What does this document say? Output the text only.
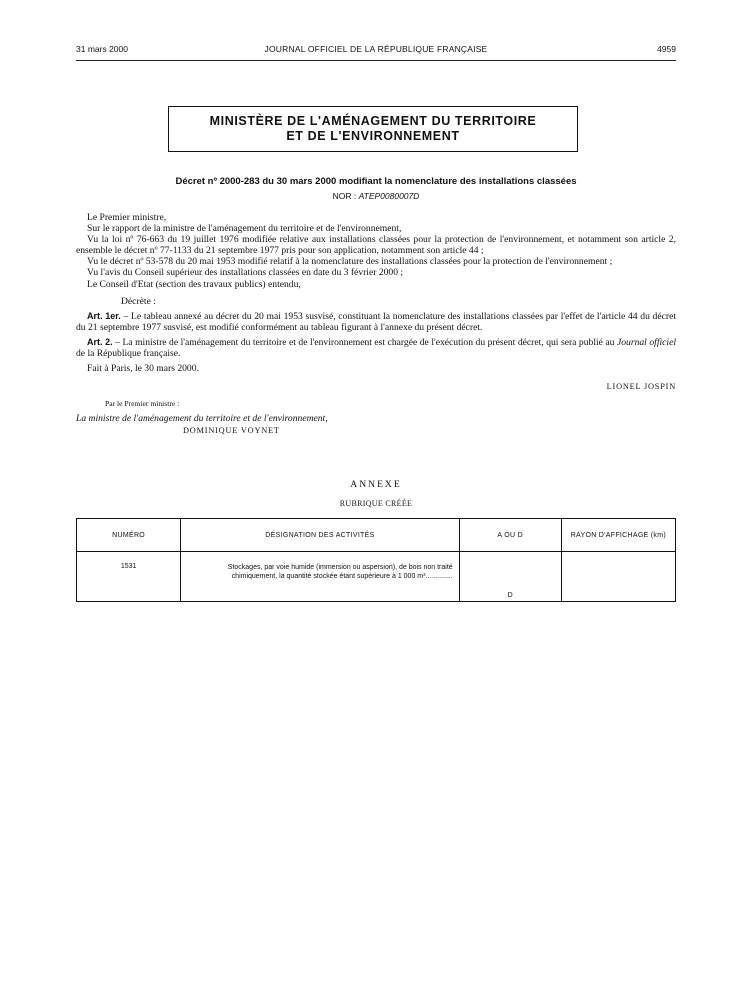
31 mars 2000	JOURNAL OFFICIEL DE LA RÉPUBLIQUE FRANÇAISE	4959
MINISTÈRE DE L'AMÉNAGEMENT DU TERRITOIRE
ET DE L'ENVIRONNEMENT
Décret nº 2000-283 du 30 mars 2000 modifiant la nomenclature des installations classées
NOR : ATEP0080007D

Le Premier ministre,

Sur le rapport de la ministre de l'aménagement du territoire et de l'environnement,

Vu la loi nº 76-663 du 19 juillet 1976 modifiée relative aux installations classées pour la protection de l'environnement, et notamment son article 2, ensemble le décret nº 77-1133 du 21 septembre 1977 pris pour son application, notamment son article 44 ;

Vu le décret nº 53-578 du 20 mai 1953 modifié relatif à la nomenclature des installations classées pour la protection de l'environnement ;

Vu l'avis du Conseil supérieur des installations classées en date du 3 février 2000 ;

Le Conseil d'Etat (section des travaux publics) entendu,

Décrète :

Art. 1er. – Le tableau annexé au décret du 20 mai 1953 susvisé, constituant la nomenclature des installations classées par l'effet de l'article 44 du décret du 21 septembre 1977 susvisé, est modifié conformément au tableau figurant à l'annexe du présent décret.

Art. 2. – La ministre de l'aménagement du territoire et de l'environnement est chargée de l'exécution du présent décret, qui sera publié au Journal officiel de la République française.

Fait à Paris, le 30 mars 2000.

LIONEL JOSPIN

Par le Premier ministre :

La ministre de l'aménagement du territoire et de l'environnement,

DOMINIQUE VOYNET

ANNEXE
RUBRIQUE CRÉÉE
NUMÉRO	DÉSIGNATION DES ACTIVITÉS	A OU D	RAYON D'AFFICHAGE (km)
1531	Stockages, par voie humide (immersion ou aspersion), de bois non traité
chimiquement, la quantité stockée étant supérieure à 1 000 m³..............	D	
